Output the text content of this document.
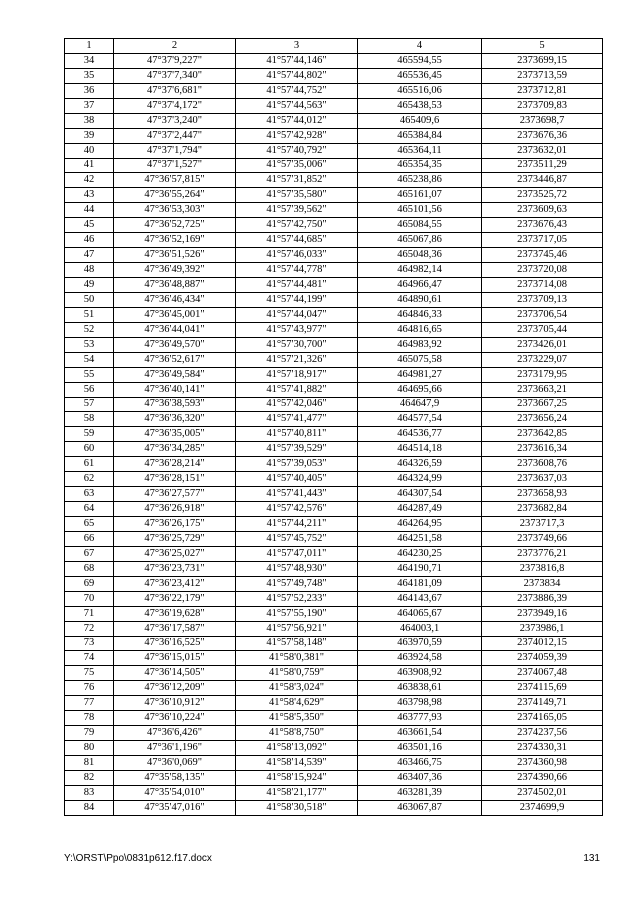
1	2	3	4	5
34	47°37'9,227"	41°57'44,146"	465594,55	2373699,15
35	47°37'7,340"	41°57'44,802"	465536,45	2373713,59
36	47°37'6,681"	41°57'44,752"	465516,06	2373712,81
37	47°37'4,172"	41°57'44,563"	465438,53	2373709,83
38	47°37'3,240"	41°57'44,012"	465409,6	2373698,7
39	47°37'2,447"	41°57'42,928"	465384,84	2373676,36
40	47°37'1,794"	41°57'40,792"	465364,11	2373632,01
41	47°37'1,527"	41°57'35,006"	465354,35	2373511,29
42	47°36'57,815"	41°57'31,852"	465238,86	2373446,87
43	47°36'55,264"	41°57'35,580"	465161,07	2373525,72
44	47°36'53,303"	41°57'39,562"	465101,56	2373609,63
45	47°36'52,725"	41°57'42,750"	465084,55	2373676,43
46	47°36'52,169"	41°57'44,685"	465067,86	2373717,05
47	47°36'51,526"	41°57'46,033"	465048,36	2373745,46
48	47°36'49,392"	41°57'44,778"	464982,14	2373720,08
49	47°36'48,887"	41°57'44,481"	464966,47	2373714,08
50	47°36'46,434"	41°57'44,199"	464890,61	2373709,13
51	47°36'45,001"	41°57'44,047"	464846,33	2373706,54
52	47°36'44,041"	41°57'43,977"	464816,65	2373705,44
53	47°36'49,570"	41°57'30,700"	464983,92	2373426,01
54	47°36'52,617"	41°57'21,326"	465075,58	2373229,07
55	47°36'49,584"	41°57'18,917"	464981,27	2373179,95
56	47°36'40,141"	41°57'41,882"	464695,66	2373663,21
57	47°36'38,593"	41°57'42,046"	464647,9	2373667,25
58	47°36'36,320"	41°57'41,477"	464577,54	2373656,24
59	47°36'35,005"	41°57'40,811"	464536,77	2373642,85
60	47°36'34,285"	41°57'39,529"	464514,18	2373616,34
61	47°36'28,214"	41°57'39,053"	464326,59	2373608,76
62	47°36'28,151"	41°57'40,405"	464324,99	2373637,03
63	47°36'27,577"	41°57'41,443"	464307,54	2373658,93
64	47°36'26,918"	41°57'42,576"	464287,49	2373682,84
65	47°36'26,175"	41°57'44,211"	464264,95	2373717,3
66	47°36'25,729"	41°57'45,752"	464251,58	2373749,66
67	47°36'25,027"	41°57'47,011"	464230,25	2373776,21
68	47°36'23,731"	41°57'48,930"	464190,71	2373816,8
69	47°36'23,412"	41°57'49,748"	464181,09	2373834
70	47°36'22,179"	41°57'52,233"	464143,67	2373886,39
71	47°36'19,628"	41°57'55,190"	464065,67	2373949,16
72	47°36'17,587"	41°57'56,921"	464003,1	2373986,1
73	47°36'16,525"	41°57'58,148"	463970,59	2374012,15
74	47°36'15,015"	41°58'0,381"	463924,58	2374059,39
75	47°36'14,505"	41°58'0,759"	463908,92	2374067,48
76	47°36'12,209"	41°58'3,024"	463838,61	2374115,69
77	47°36'10,912"	41°58'4,629"	463798,98	2374149,71
78	47°36'10,224"	41°58'5,350"	463777,93	2374165,05
79	47°36'6,426"	41°58'8,750"	463661,54	2374237,56
80	47°36'1,196"	41°58'13,092"	463501,16	2374330,31
81	47°36'0,069"	41°58'14,539"	463466,75	2374360,98
82	47°35'58,135"	41°58'15,924"	463407,36	2374390,66
83	47°35'54,010"	41°58'21,177"	463281,39	2374502,01
84	47°35'47,016"	41°58'30,518"	463067,87	2374699,9
Y:\ORST\Ppo\0831p612.f17.docx	131
